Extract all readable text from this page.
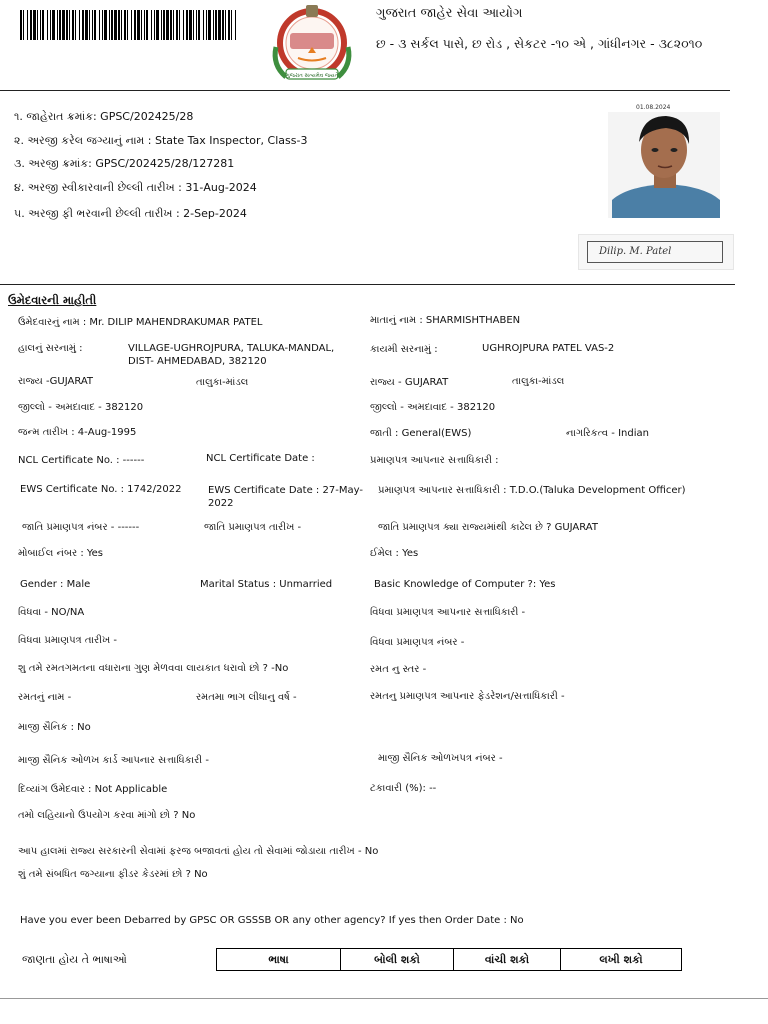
ગુજરાત સત્યમેવ જયતે
ગુજરાત જાહેર સેવા આયોગ
છ - ૩ સર્કલ પાસે, છ રોડ , સેકટર -૧૦ એ , ગાંધીનગર - ૩૮૨૦૧૦
૧. જાહેરાત ક્રમાંક: GPSC/202425/28
૨. અરજી કરેલ જગ્યાનું નામ : State Tax Inspector, Class-3
૩. અરજી ક્રમાંક: GPSC/202425/28/127281
૪. અરજી સ્વીકારવાની છેલ્લી તારીખ : 31-Aug-2024
૫. અરજી ફી ભરવાની છેલ્લી તારીખ : 2-Sep-2024
01.08.2024
Dilip. M. Patel
ઉમેદવારની માહીતી
ઉમેદવારનું નામ : Mr. DILIP MAHENDRAKUMAR PATEL	માતાનું નામ : SHARMISHTHABEN
હાલનું સરનામું :	VILLAGE-UGHROJPURA, TALUKA-MANDAL,
DIST- AHMEDABAD, 382120
કાયમી સરનામું :	UGHROJPURA PATEL VAS-2
રાજ્ય -GUJARAT	તાલુકા-માંડલ	રાજ્ય - GUJARAT	તાલુકા-માંડલ
જીલ્લો - અમદાવાદ - 382120	જીલ્લો - અમદાવાદ - 382120
જન્મ તારીખ : 4-Aug-1995	જાતી : General(EWS)	નાગરિકત્વ - Indian
NCL Certificate No. : ------	NCL Certificate Date :	પ્રમાણપત્ર આપનાર સત્તાધિકારી :
EWS Certificate No. : 1742/2022	EWS Certificate Date : 27-May-
2022
પ્રમાણપત્ર આપનાર સત્તાધિકારી : T.D.O.(Taluka Development Officer)
જાતિ પ્રમાણપત્ર નંબર - ------	જાતિ પ્રમાણપત્ર તારીખ -	જાતિ પ્રમાણપત્ર ક્યા રાજ્યમાંથી કાઢેલ છે ? GUJARAT
મોબાઈલ નંબર : Yes	ઈમેલ : Yes
Gender : Male	Marital Status : Unmarried	Basic Knowledge of Computer ?: Yes
વિધવા - NO/NA	વિધવા પ્રમાણપત્ર આપનાર સત્તાધિકારી -
વિધવા પ્રમાણપત્ર તારીખ -	વિધવા પ્રમાણપત્ર નંબર -
શુ તમે રમતગમતના વધારાના ગુણ મેળવવા લાયકાત ધરાવો છો ? -No	રમત નુ સ્તર -
રમતનું નામ -	રમતમા ભાગ લીધાનુ વર્ષ -	રમતનુ પ્રમાણપત્ર આપનાર ફેડરેશન/સત્તાધિકારી -
માજી સૈનિક : No
માજી સૈનિક ઓળખ કાર્ડ આપનાર સત્તાધિકારી -	માજી સૈનિક ઓળખપત્ર નંબર -
દિવ્યાંગ ઉમેદવાર : Not Applicable	ટકાવારી (%): --
તમો લહિયાનો ઉપયોગ કરવા માંગો છો ? No
આપ હાલમાં રાજ્ય સરકારની સેવામાં ફરજ બજાવતાં હોય તો સેવામાં જોડાયા તારીખ - No
શું તમે સંબધિત જગ્યાના ફીડર કેડરમાં છો ? No
Have you ever been Debarred by GPSC OR GSSSB OR any other agency? If yes then Order Date : No
જાણતા હોય તે ભાષાઓ	ભાષા	બોલી શકો	વાંચી શકો	લખી શકો
